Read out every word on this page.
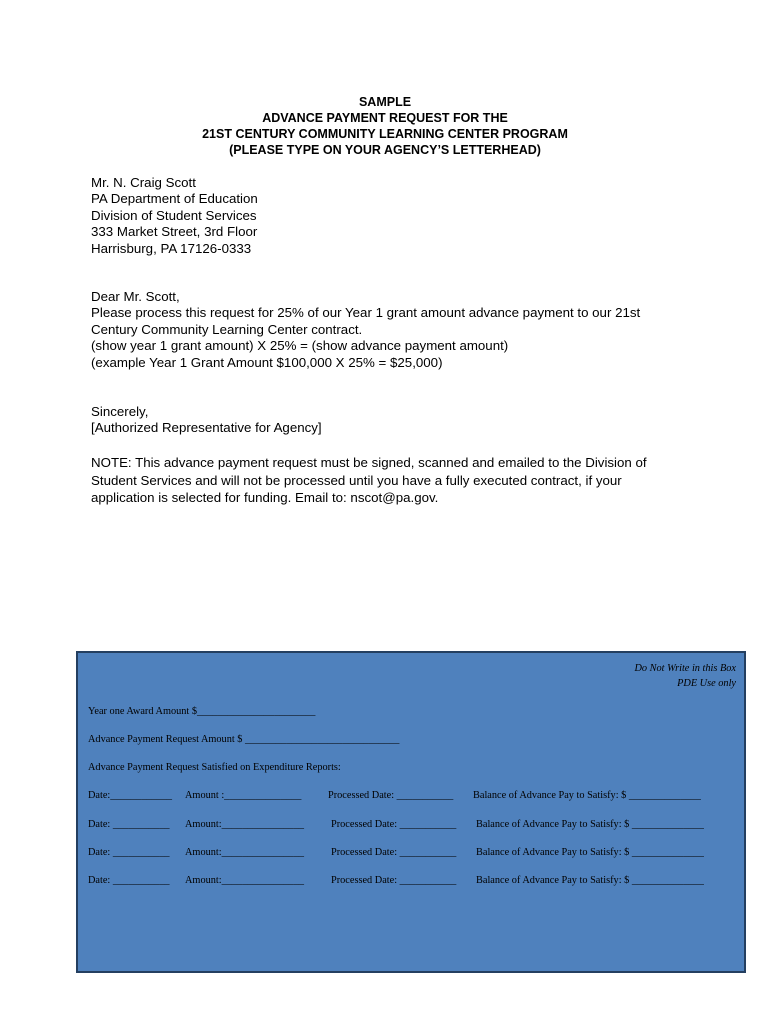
SAMPLE
ADVANCE PAYMENT REQUEST FOR THE
21ST CENTURY COMMUNITY LEARNING CENTER PROGRAM
(PLEASE TYPE ON YOUR AGENCY’S LETTERHEAD)
Mr. N. Craig Scott
PA Department of Education
Division of Student Services
333 Market Street, 3rd Floor
Harrisburg, PA 17126-0333
Dear Mr. Scott,
Please process this request for 25% of our Year 1 grant amount advance payment to our 21st
Century Community Learning Center contract.
(show year 1 grant amount) X 25% = (show advance payment amount)
(example Year 1 Grant Amount $100,000 X 25% = $25,000)
Sincerely,
[Authorized Representative for Agency]
NOTE: This advance payment request must be signed, scanned and emailed to the Division of
Student Services and will not be processed until you have a fully executed contract, if your
application is selected for funding. Email to: nscot@pa.gov.
Do Not Write in this Box
PDE Use only
Year one Award Amount $_______________________
Advance Payment Request Amount $ ______________________________
Advance Payment Request Satisfied on Expenditure Reports:
Date:____________ Amount :_______________	Processed Date: ___________ Balance of Advance Pay to Satisfy: $ ______________
Date: ___________ Amount:________________	Processed Date: ___________ Balance of Advance Pay to Satisfy: $ ______________
Date: ___________ Amount:________________	Processed Date: ___________ Balance of Advance Pay to Satisfy: $ ______________
Date: ___________ Amount:________________	Processed Date: ___________ Balance of Advance Pay to Satisfy: $ ______________
